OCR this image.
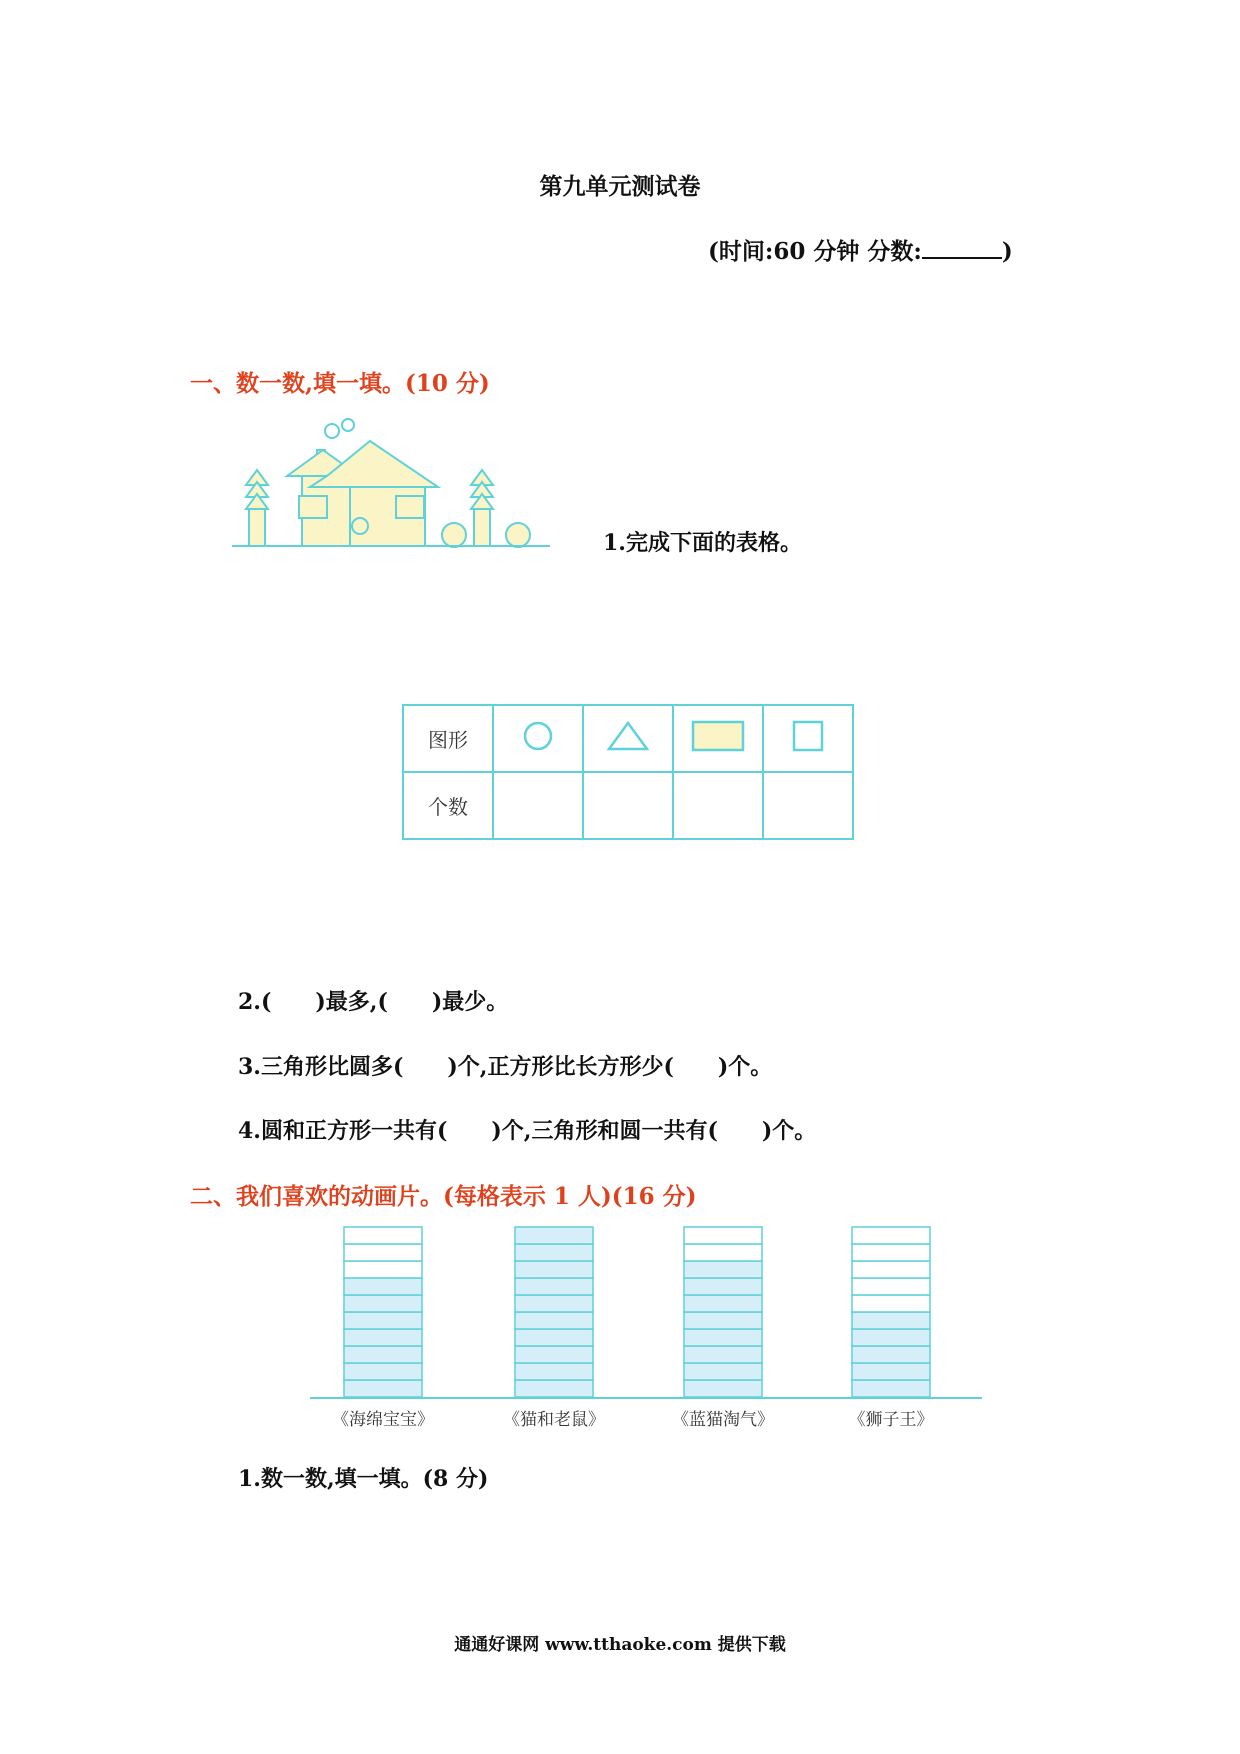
第九单元测试卷
(时间:60 分钟 分数:	)
一、数一数,填一填。(10 分)
1.完成下面的表格。
图形				
个数				
2.( )最多,( )最少。
3.三角形比圆多( )个,正方形比长方形少( )个。
4.圆和正方形一共有( )个,三角形和圆一共有( )个。
二、我们喜欢的动画片。(每格表示 1 人)(16 分)
《海绵宝宝》	《猫和老鼠》	《蓝猫淘气》	《狮子王》
1.数一数,填一填。(8 分)
通通好课网 www.tthaoke.com 提供下载
